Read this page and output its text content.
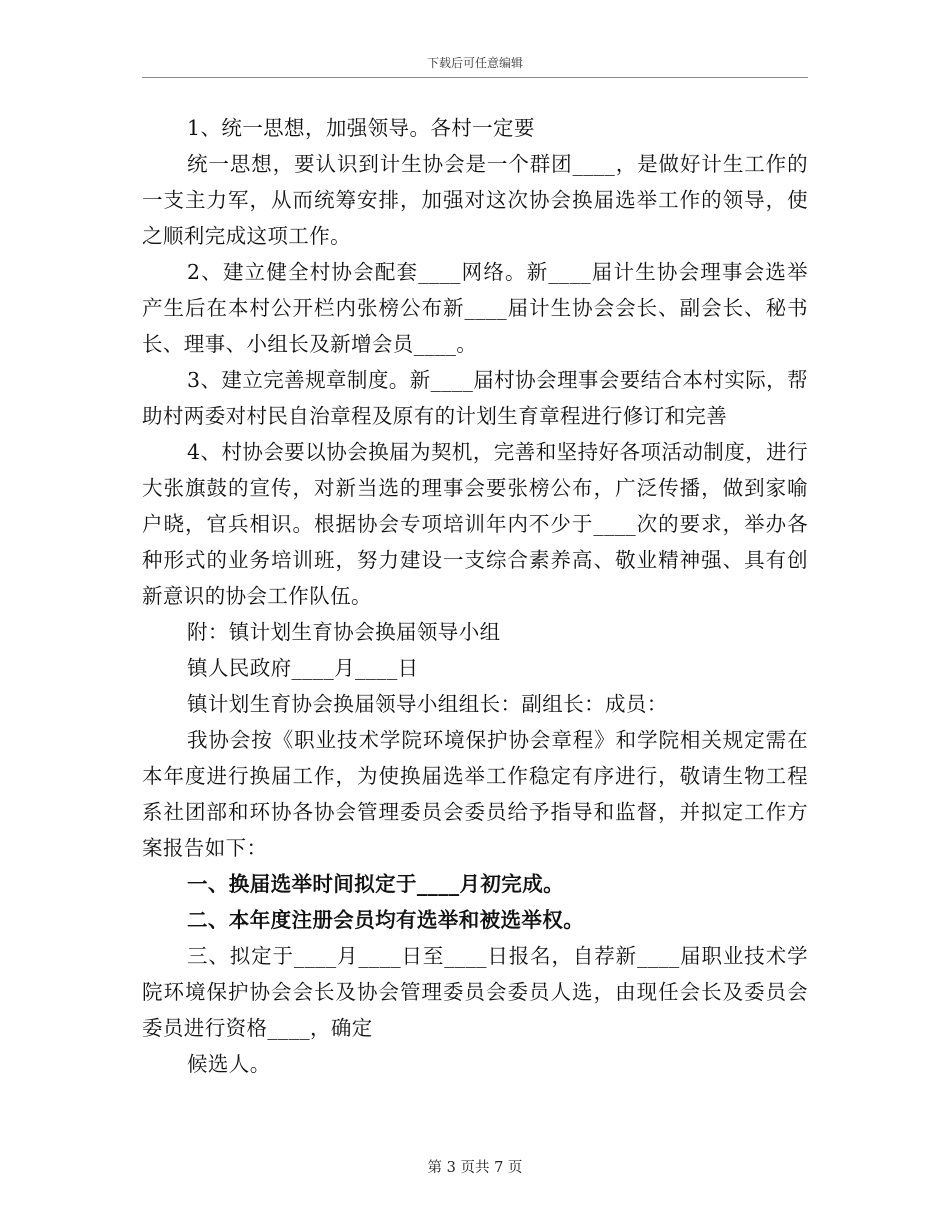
下载后可任意编辑

1、统一思想，加强领导。各村一定要

统一思想，要认识到计生协会是一个群团____，是做好计生工作的一支主力军，从而统筹安排，加强对这次协会换届选举工作的领导，使之顺利完成这项工作。

2、建立健全村协会配套____网络。新____届计生协会理事会选举产生后在本村公开栏内张榜公布新____届计生协会会长、副会长、秘书长、理事、小组长及新增会员____。

3、建立完善规章制度。新____届村协会理事会要结合本村实际，帮助村两委对村民自治章程及原有的计划生育章程进行修订和完善

4、村协会要以协会换届为契机，完善和坚持好各项活动制度，进行大张旗鼓的宣传，对新当选的理事会要张榜公布，广泛传播，做到家喻户晓，官兵相识。根据协会专项培训年内不少于____次的要求，举办各种形式的业务培训班，努力建设一支综合素养高、敬业精神强、具有创新意识的协会工作队伍。

附：镇计划生育协会换届领导小组

镇人民政府____月____日

镇计划生育协会换届领导小组组长：副组长：成员：

我协会按《职业技术学院环境保护协会章程》和学院相关规定需在本年度进行换届工作，为使换届选举工作稳定有序进行，敬请生物工程系社团部和环协各协会管理委员会委员给予指导和监督，并拟定工作方案报告如下：

一、换届选举时间拟定于____月初完成。

二、本年度注册会员均有选举和被选举权。

三、拟定于____月____日至____日报名，自荐新____届职业技术学院环境保护协会会长及协会管理委员会委员人选，由现任会长及委员会委员进行资格____，确定

候选人。

第 3 页共 7 页
